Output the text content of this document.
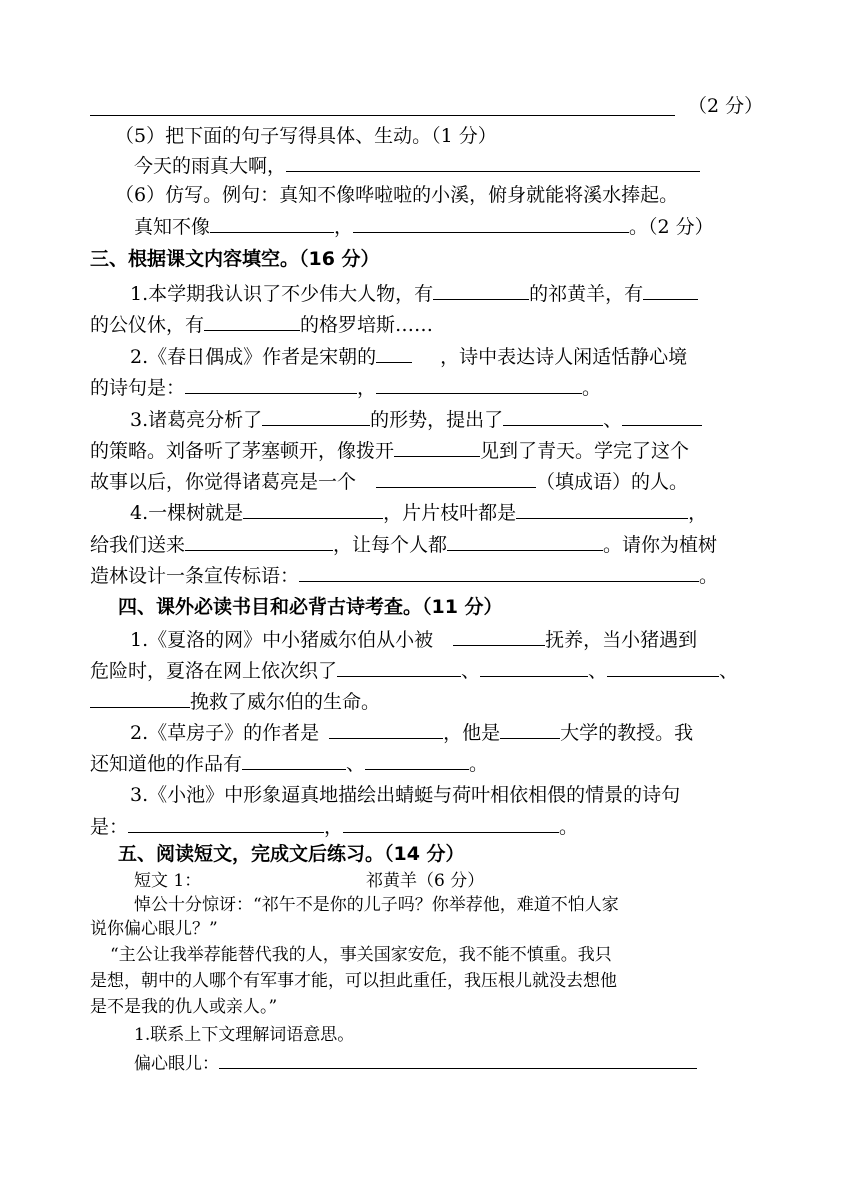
（2 分）
（5）把下面的句子写得具体、生动。（1 分）
今天的雨真大啊，
（6）仿写。例句：真知不像哗啦啦的小溪，俯身就能将溪水捧起。
真知不像	，	。（2 分）
三、根据课文内容填空。（16 分）
1.本学期我认识了不少伟大人物，有	的祁黄羊，有
的公仪休，有	的格罗培斯……
2.《春日偶成》作者是宋朝的	，诗中表达诗人闲适恬静心境
的诗句是：	，	。
3.诸葛亮分析了	的形势，提出了	、
的策略。刘备听了茅塞顿开，像拨开	见到了青天。学完了这个
故事以后，你觉得诸葛亮是一个	（填成语）的人。
4.一棵树就是	，片片枝叶都是	，
给我们送来	，让每个人都	。请你为植树
造林设计一条宣传标语：	。
四、课外必读书目和必背古诗考查。（11 分）
1.《夏洛的网》中小猪威尔伯从小被	抚养，当小猪遇到
危险时，夏洛在网上依次织了	、	、	、
挽救了威尔伯的生命。
2.《草房子》的作者是	，他是	大学的教授。我
还知道他的作品有	、	。
3.《小池》中形象逼真地描绘出蜻蜓与荷叶相依相偎的情景的诗句
是：	，	。
五、阅读短文，完成文后练习。（14 分）
短文 1：	祁黄羊（6 分）
悼公十分惊讶：“祁午不是你的儿子吗？你举荐他，难道不怕人家
说你偏心眼儿？”
“主公让我举荐能替代我的人，事关国家安危，我不能不慎重。我只
是想，朝中的人哪个有军事才能，可以担此重任，我压根儿就没去想他
是不是我的仇人或亲人。”
1.联系上下文理解词语意思。
偏心眼儿：
